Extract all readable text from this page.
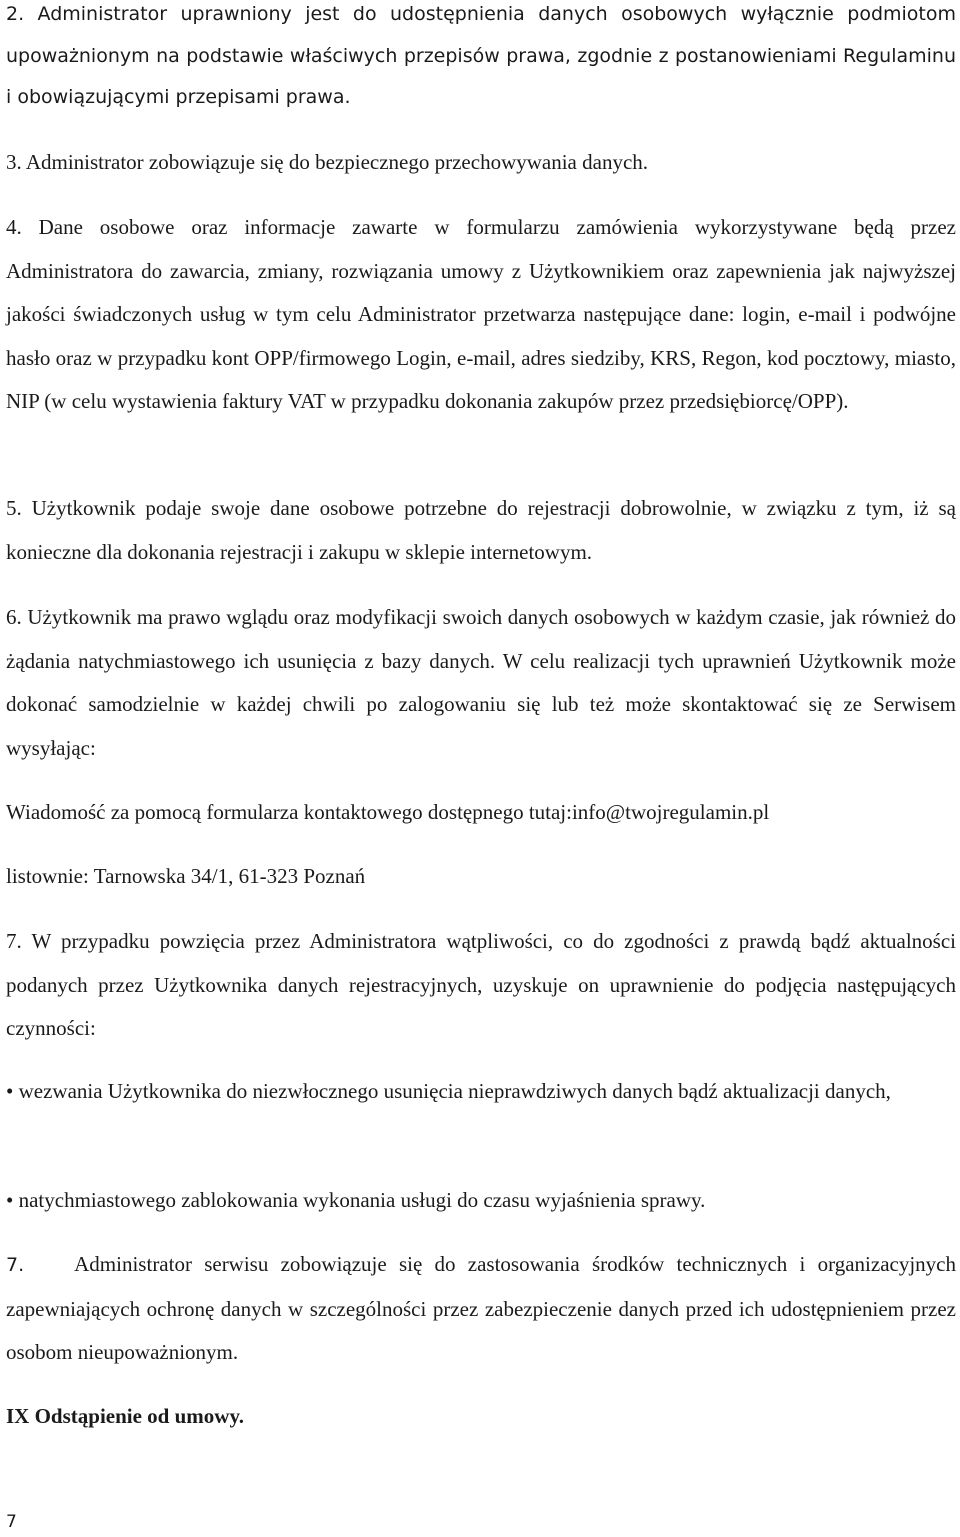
2. Administrator uprawniony jest do udostępnienia danych osobowych wyłącznie podmiotom upoważnionym na podstawie właściwych przepisów prawa, zgodnie z postanowieniami Regulaminu i obowiązującymi przepisami prawa.

3. Administrator zobowiązuje się do bezpiecznego przechowywania danych.

4. Dane osobowe oraz informacje zawarte w formularzu zamówienia wykorzystywane będą przez Administratora do zawarcia, zmiany, rozwiązania umowy z Użytkownikiem oraz zapewnienia jak najwyższej jakości świadczonych usług w tym celu Administrator przetwarza następujące dane: login, e-mail i podwójne hasło oraz w przypadku kont OPP/firmowego Login, e-mail, adres siedziby, KRS, Regon, kod pocztowy, miasto, NIP (w celu wystawienia faktury VAT w przypadku dokonania zakupów przez przedsiębiorcę/OPP).

5. Użytkownik podaje swoje dane osobowe potrzebne do rejestracji dobrowolnie, w związku z tym, iż są konieczne dla dokonania rejestracji i zakupu w sklepie internetowym.

6. Użytkownik ma prawo wglądu oraz modyfikacji swoich danych osobowych w każdym czasie, jak również do żądania natychmiastowego ich usunięcia z bazy danych. W celu realizacji tych uprawnień Użytkownik może dokonać samodzielnie w każdej chwili po zalogowaniu się lub też może skontaktować się ze Serwisem wysyłając:

Wiadomość za pomocą formularza kontaktowego dostępnego tutaj:info@twojregulamin.pl

listownie: Tarnowska 34/1, 61-323 Poznań

7. W przypadku powzięcia przez Administratora wątpliwości, co do zgodności z prawdą bądź aktualności podanych przez Użytkownika danych rejestracyjnych, uzyskuje on uprawnienie do podjęcia następujących czynności:

• wezwania Użytkownika do niezwłocznego usunięcia nieprawdziwych danych bądź aktualizacji danych,

• natychmiastowego zablokowania wykonania usługi do czasu wyjaśnienia sprawy.

7. Administrator serwisu zobowiązuje się do zastosowania środków technicznych i organizacyjnych zapewniających ochronę danych w szczególności przez zabezpieczenie danych przed ich udostępnieniem przez osobom nieupoważnionym.

IX Odstąpienie od umowy.

7
